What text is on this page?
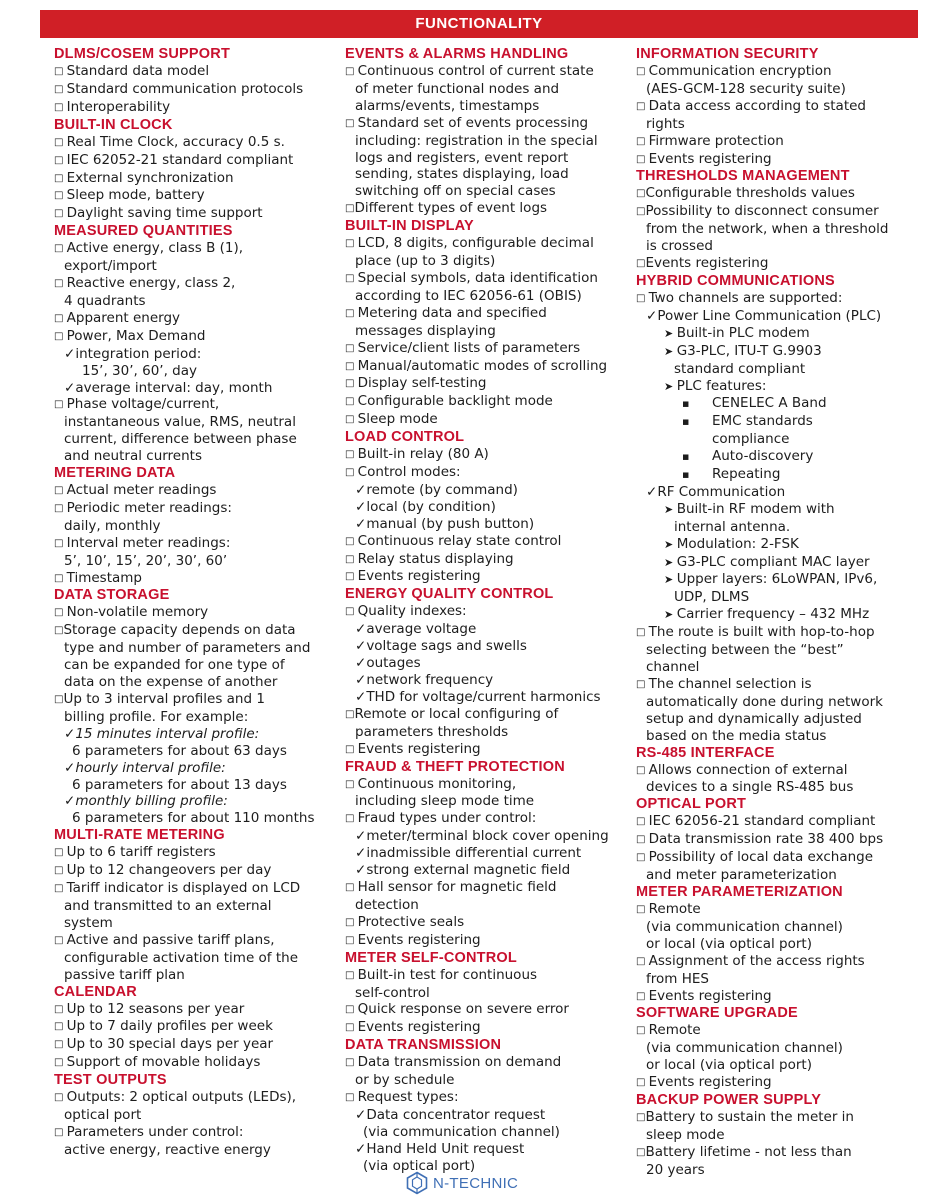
FUNCTIONALITY
DLMS/COSEM SUPPORT
□ Standard data model
□ Standard communication protocols
□ Interoperability
BUILT-IN CLOCK
□ Real Time Clock, accuracy 0.5 s.
□ IEC 62052-21 standard compliant
□ External synchronization
□ Sleep mode, battery
□ Daylight saving time support
MEASURED QUANTITIES
□ Active energy, class B (1),
export/import
□ Reactive energy, class 2,
4 quadrants
□ Apparent energy
□ Power, Max Demand
✓ integration period:
15’, 30’, 60’, day
✓ average interval: day, month
□ Phase voltage/current,
instantaneous value, RMS, neutral
current, difference between phase
and neutral currents
METERING DATA
□ Actual meter readings
□ Periodic meter readings:
daily, monthly
□ Interval meter readings:
5’, 10’, 15’, 20’, 30’, 60’
□ Timestamp
DATA STORAGE
□ Non-volatile memory
□ Storage capacity depends on data
type and number of parameters and
can be expanded for one type of
data on the expense of another
□ Up to 3 interval profiles and 1
billing profile. For example:
✓ 15 minutes interval profile:
6 parameters for about 63 days
✓ hourly interval profile:
6 parameters for about 13 days
✓ monthly billing profile:
6 parameters for about 110 months
MULTI-RATE METERING
□ Up to 6 tariff registers
□ Up to 12 changeovers per day
□ Tariff indicator is displayed on LCD
and transmitted to an external
system
□ Active and passive tariff plans,
configurable activation time of the
passive tariff plan
CALENDAR
□ Up to 12 seasons per year
□ Up to 7 daily profiles per week
□ Up to 30 special days per year
□ Support of movable holidays
TEST OUTPUTS
□ Outputs: 2 optical outputs (LEDs),
optical port
□ Parameters under control:
active energy, reactive energy
EVENTS & ALARMS HANDLING
□ Continuous control of current state
of meter functional nodes and
alarms/events, timestamps
□ Standard set of events processing
including: registration in the special
logs and registers, event report
sending, states displaying, load
switching off on special cases
□ Different types of event logs
BUILT-IN DISPLAY
□ LCD, 8 digits, configurable decimal
place (up to 3 digits)
□ Special symbols, data identification
according to IEC 62056-61 (OBIS)
□ Metering data and specified
messages displaying
□ Service/client lists of parameters
□ Manual/automatic modes of scrolling
□ Display self-testing
□ Configurable backlight mode
□ Sleep mode
LOAD CONTROL
□ Built-in relay (80 A)
□ Control modes:
✓ remote (by command)
✓ local (by condition)
✓ manual (by push button)
□ Continuous relay state control
□ Relay status displaying
□ Events registering
ENERGY QUALITY CONTROL
□ Quality indexes:
✓ average voltage
✓ voltage sags and swells
✓ outages
✓ network frequency
✓ THD for voltage/current harmonics
□ Remote or local configuring of
parameters thresholds
□ Events registering
FRAUD & THEFT PROTECTION
□ Continuous monitoring,
including sleep mode time
□ Fraud types under control:
✓ meter/terminal block cover opening
✓ inadmissible differential current
✓ strong external magnetic field
□ Hall sensor for magnetic field
detection
□ Protective seals
□ Events registering
METER SELF-CONTROL
□ Built-in test for continuous
self-control
□ Quick response on severe error
□ Events registering
DATA TRANSMISSION
□ Data transmission on demand
or by schedule
□ Request types:
✓ Data concentrator request
(via communication channel)
✓ Hand Held Unit request
(via optical port)
INFORMATION SECURITY
□ Communication encryption
(AES-GCM-128 security suite)
□ Data access according to stated
rights
□ Firmware protection
□ Events registering
THRESHOLDS MANAGEMENT
□ Configurable thresholds values
□ Possibility to disconnect consumer
from the network, when a threshold
is crossed
□ Events registering
HYBRID COMMUNICATIONS
□ Two channels are supported:
✓ Power Line Communication (PLC)
➤ Built-in PLC modem
➤ G3-PLC, ITU-T G.9903
standard compliant
➤ PLC features:
▪ CENELEC A Band
▪ EMC standards
compliance
▪ Auto-discovery
▪ Repeating
✓ RF Communication
➤ Built-in RF modem with
internal antenna.
➤ Modulation: 2-FSK
➤ G3-PLC compliant MAC layer
➤ Upper layers: 6LoWPAN, IPv6,
UDP, DLMS
➤ Carrier frequency – 432 MHz
□ The route is built with hop-to-hop
selecting between the “best”
channel
□ The channel selection is
automatically done during network
setup and dynamically adjusted
based on the media status
RS-485 INTERFACE
□ Allows connection of external
devices to a single RS-485 bus
OPTICAL PORT
□ IEC 62056-21 standard compliant
□ Data transmission rate 38 400 bps
□ Possibility of local data exchange
and meter parameterization
METER PARAMETERIZATION
□ Remote
(via communication channel)
or local (via optical port)
□ Assignment of the access rights
from HES
□ Events registering
SOFTWARE UPGRADE
□ Remote
(via communication channel)
or local (via optical port)
□ Events registering
BACKUP POWER SUPPLY
□ Battery to sustain the meter in
sleep mode
□ Battery lifetime - not less than
20 years
N-TECHNIC
